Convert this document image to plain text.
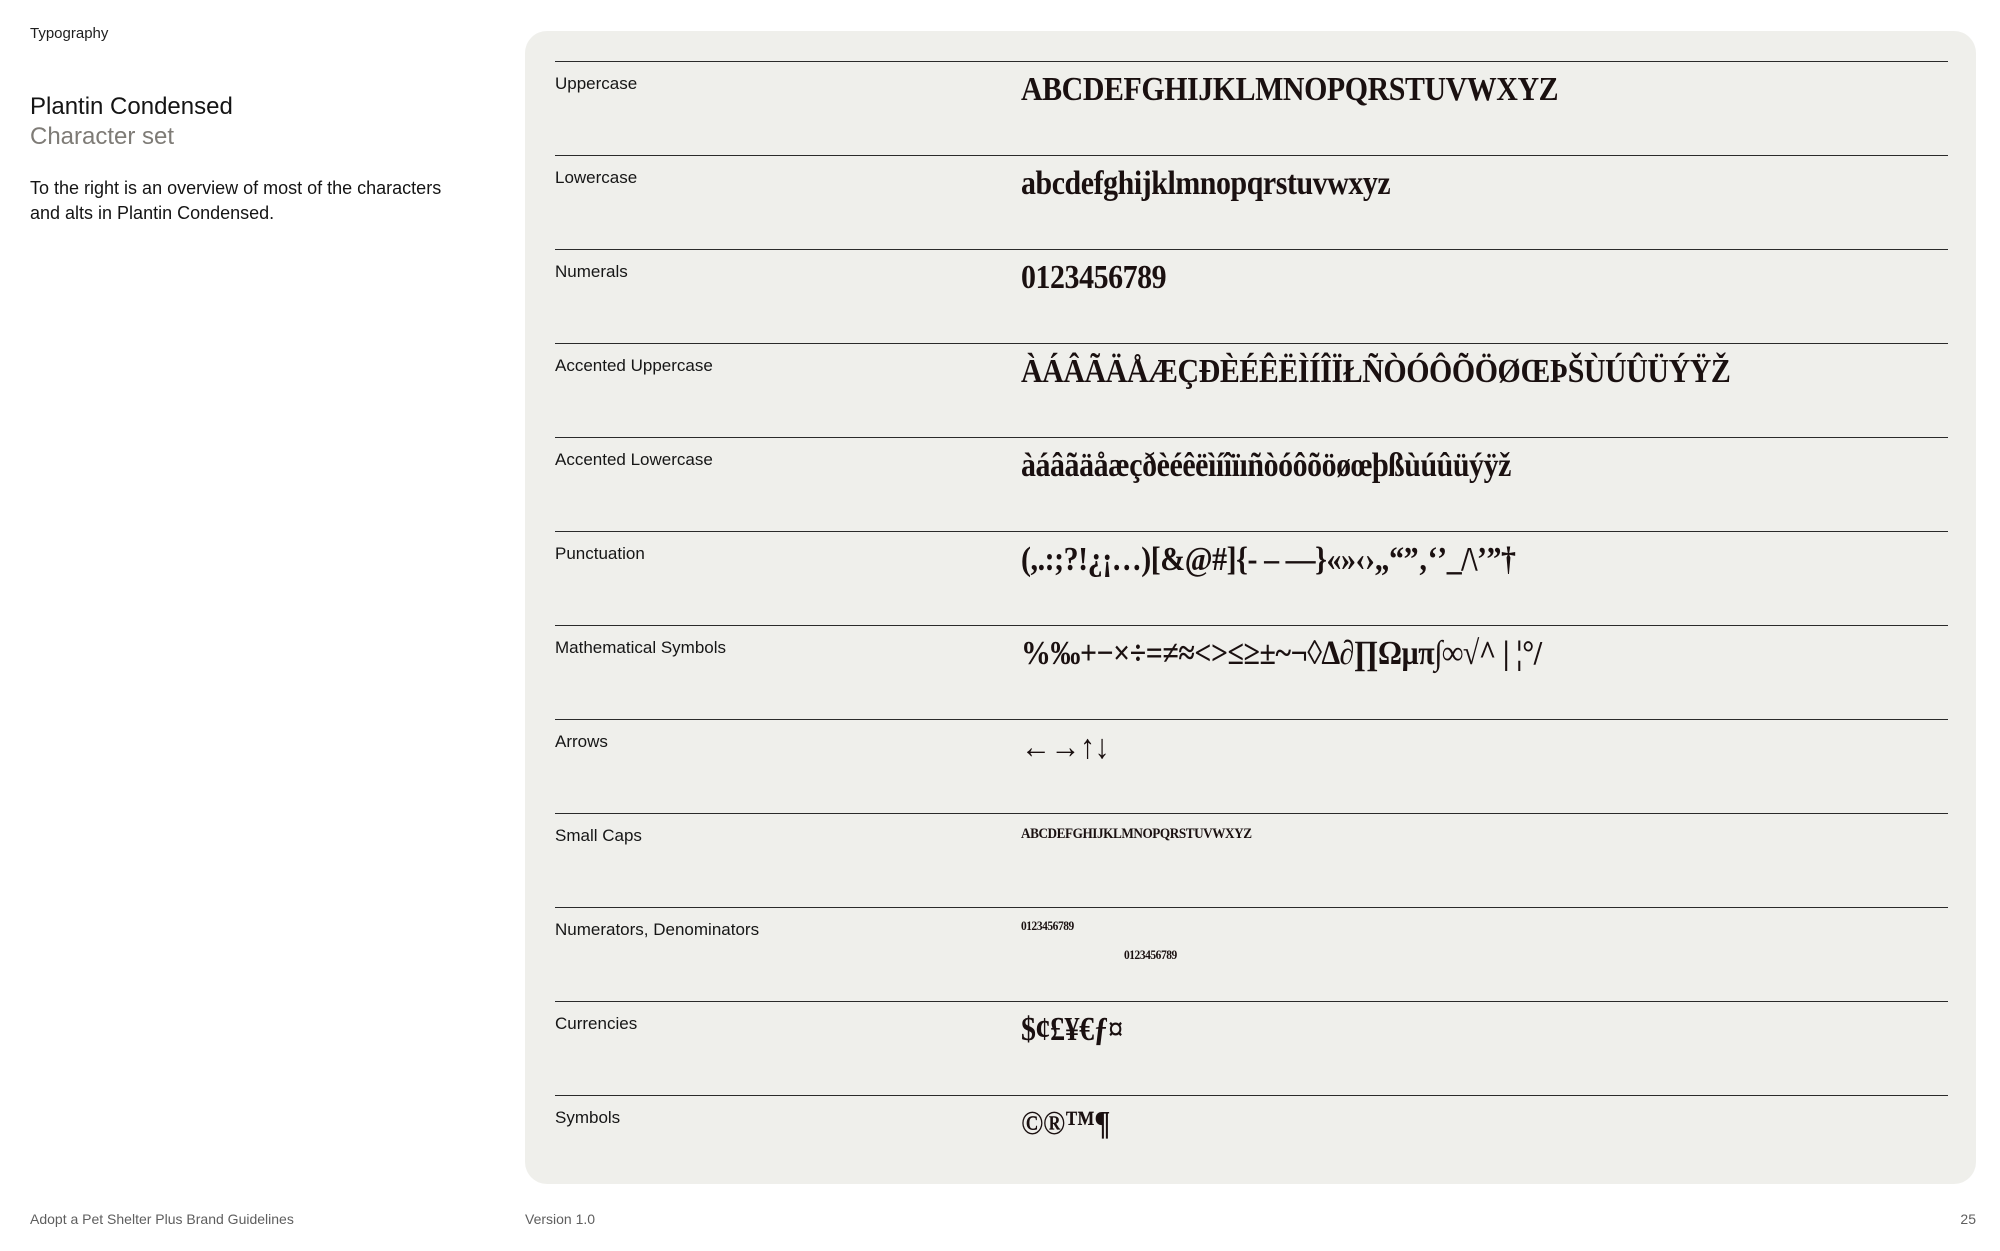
Typography
Plantin Condensed
Character set
To the right is an overview of most of the characters and alts in Plantin Condensed.
Uppercase	ABCDEFGHIJKLMNOPQRSTUVWXYZ
Lowercase	abcdefghijklmnopqrstuvwxyz
Numerals	0123456789
Accented Uppercase	ÀÁÂÃÄÅÆÇĐÈÉÊËÌÍÎÏŁÑÒÓÔÕÖØŒÞŠÙÚÛÜÝŸŽ
Accented Lowercase	àáâãäåæçðèéêëìíîïıñòóôõöøœþßùúûüýÿž
Punctuation	(,.:;?!¿¡…)[&@#]{- – —}«»‹›„“”‚‘’_/\’”†
Mathematical Symbols	%‰+−×÷=≠≈<>≤≥±~¬◊∆∂∏Ωµπ∫∞√^ | ¦°/
Arrows	←→↑↓
Small Caps	ABCDEFGHIJKLMNOPQRSTUVWXYZ
Numerators, Denominators	0123456789
0123456789
Currencies	$¢£¥€ƒ¤
Symbols	©®™¶
Adopt a Pet Shelter Plus Brand Guidelines	Version 1.0	25
